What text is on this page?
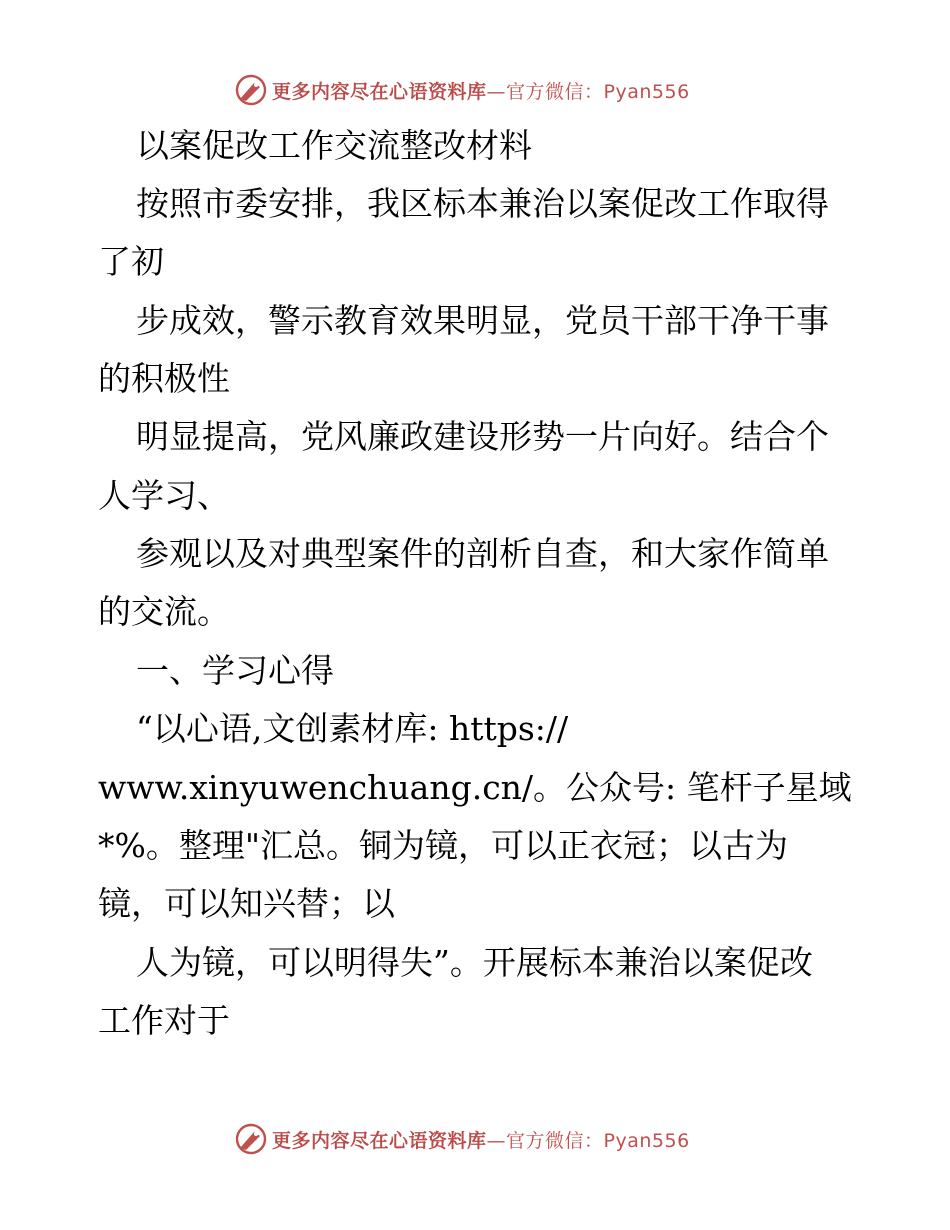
更多内容尽在心语资料库—官方微信：Pyan556
以案促改工作交流整改材料
按照市委安排，我区标本兼治以案促改工作取得
了初
步成效，警示教育效果明显，党员干部干净干事
的积极性
明显提高，党风廉政建设形势一片向好。结合个
人学习、
参观以及对典型案件的剖析自查，和大家作简单
的交流。
一、学习心得
“以心语,文创素材库: https://
www.xinyuwenchuang.cn/。公众号: 笔杆子星域
*%。整理"汇总。铜为镜，可以正衣冠；以古为
镜，可以知兴替；以
人为镜，可以明得失”。开展标本兼治以案促改
工作对于
更多内容尽在心语资料库—官方微信：Pyan556
